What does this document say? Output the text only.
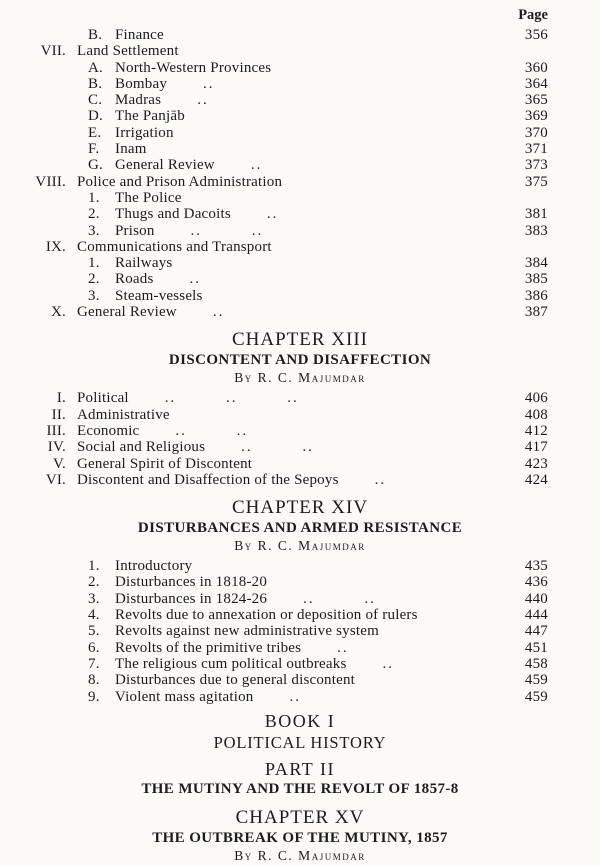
Page
B. Finance	356
VII. Land Settlement
A. North-Western Provinces	360
B. Bombay ..	364
C. Madras ..	365
D. The Panjāb	369
E. Irrigation	370
F.	Inam	371
G. General Review ..	373
VIII. Police and Prison Administration	375
1.	The Police
2.	Thugs and Dacoits ..	381
3.	Prison .. ..	383
IX. Communications and Transport
1.	Railways	384
2.	Roads ..	385
3.	Steam-vessels	386
X. General Review ..	387
CHAPTER XIII
DISCONTENT AND DISAFFECTION
By R. C. Majumdar
I. Political .. .. ..	406
II. Administrative	408
III. Economic .. ..	412
IV. Social and Religious .. ..	417
V. General Spirit of Discontent	423
VI. Discontent and Disaffection of the Sepoys ..	424
CHAPTER XIV
DISTURBANCES AND ARMED RESISTANCE
By R. C. Majumdar
1.	Introductory	435
2.	Disturbances in 1818-20	436
3.	Disturbances in 1824-26 .. ..	440
4.	Revolts due to annexation or deposition of rulers	444
5.	Revolts against new administrative system	447
6.	Revolts of the primitive tribes ..	451
7.	The religious cum political outbreaks ..	458
8.	Disturbances due to general discontent	459
9.	Violent mass agitation ..	459
BOOK I
POLITICAL HISTORY
PART II
THE MUTINY AND THE REVOLT OF 1857-8
CHAPTER XV
THE OUTBREAK OF THE MUTINY, 1857
By R. C. Majumdar
